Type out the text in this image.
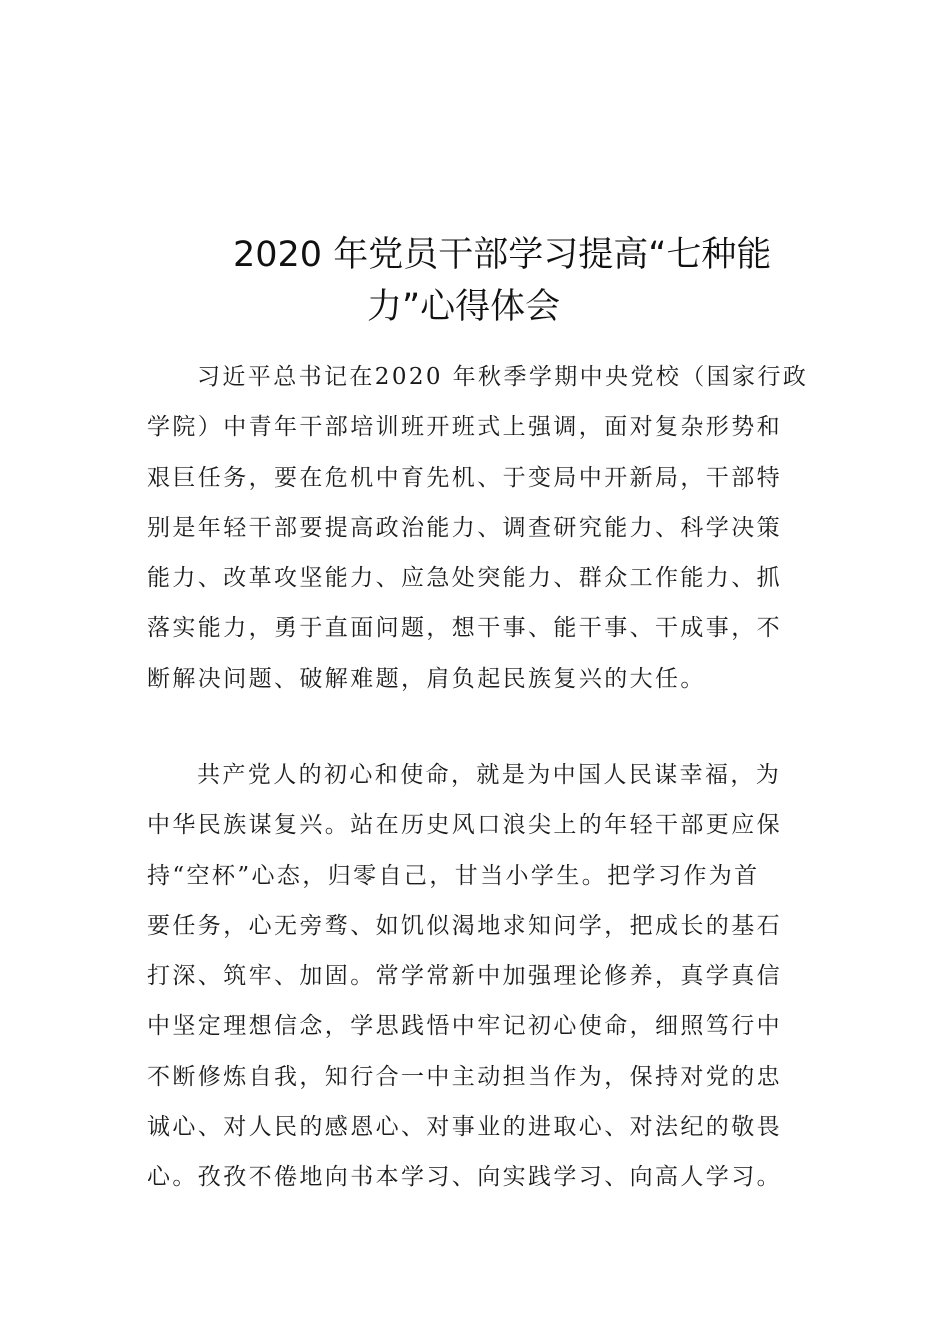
2020 年党员干部学习提高“七种能
力”心得体会

习近平总书记在2020 年秋季学期中央党校（国家行政
学院）中青年干部培训班开班式上强调，面对复杂形势和
艰巨任务，要在危机中育先机、于变局中开新局，干部特
别是年轻干部要提高政治能力、调查研究能力、科学决策
能力、改革攻坚能力、应急处突能力、群众工作能力、抓
落实能力，勇于直面问题，想干事、能干事、干成事，不
断解决问题、破解难题，肩负起民族复兴的大任。

共产党人的初心和使命，就是为中国人民谋幸福，为
中华民族谋复兴。站在历史风口浪尖上的年轻干部更应保
持“空杯”心态，归零自己，甘当小学生。把学习作为首
要任务，心无旁骛、如饥似渴地求知问学，把成长的基石
打深、筑牢、加固。常学常新中加强理论修养，真学真信
中坚定理想信念，学思践悟中牢记初心使命，细照笃行中
不断修炼自我，知行合一中主动担当作为，保持对党的忠
诚心、对人民的感恩心、对事业的进取心、对法纪的敬畏
心。孜孜不倦地向书本学习、向实践学习、向高人学习。
